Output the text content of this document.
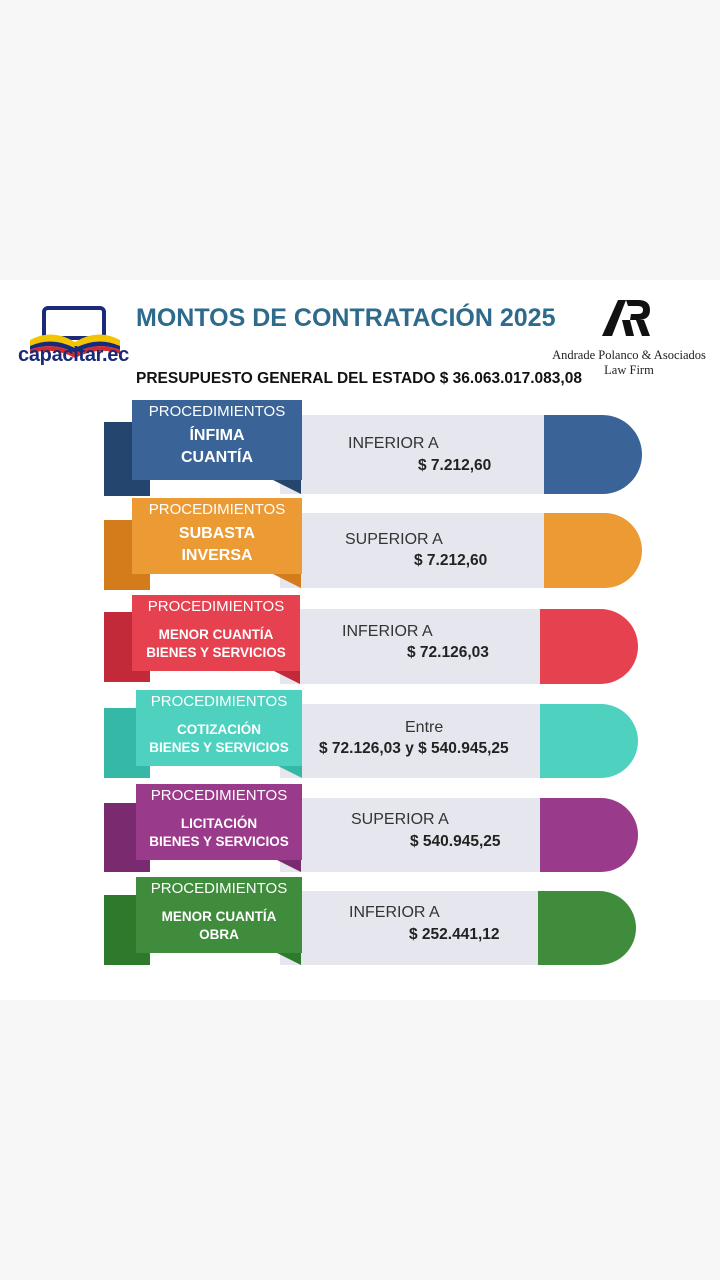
capacitar.ec
MONTOS DE CONTRATACIÓN 2025
Andrade Polanco & Asociados
Law Firm
PRESUPUESTO GENERAL DEL ESTADO $ 36.063.017.083,08
PROCEDIMIENTOS
ÍNFIMA
CUANTÍA
INFERIOR A
$ 7.212,60
PROCEDIMIENTOS
SUBASTA
INVERSA
SUPERIOR A
$ 7.212,60
PROCEDIMIENTOS
MENOR CUANTÍA
BIENES Y SERVICIOS
INFERIOR A
$ 72.126,03
PROCEDIMIENTOS
COTIZACIÓN
BIENES Y SERVICIOS
Entre
$ 72.126,03 y $ 540.945,25
PROCEDIMIENTOS
LICITACIÓN
BIENES Y SERVICIOS
SUPERIOR A
$ 540.945,25
PROCEDIMIENTOS
MENOR CUANTÍA
OBRA
INFERIOR A
$ 252.441,12
